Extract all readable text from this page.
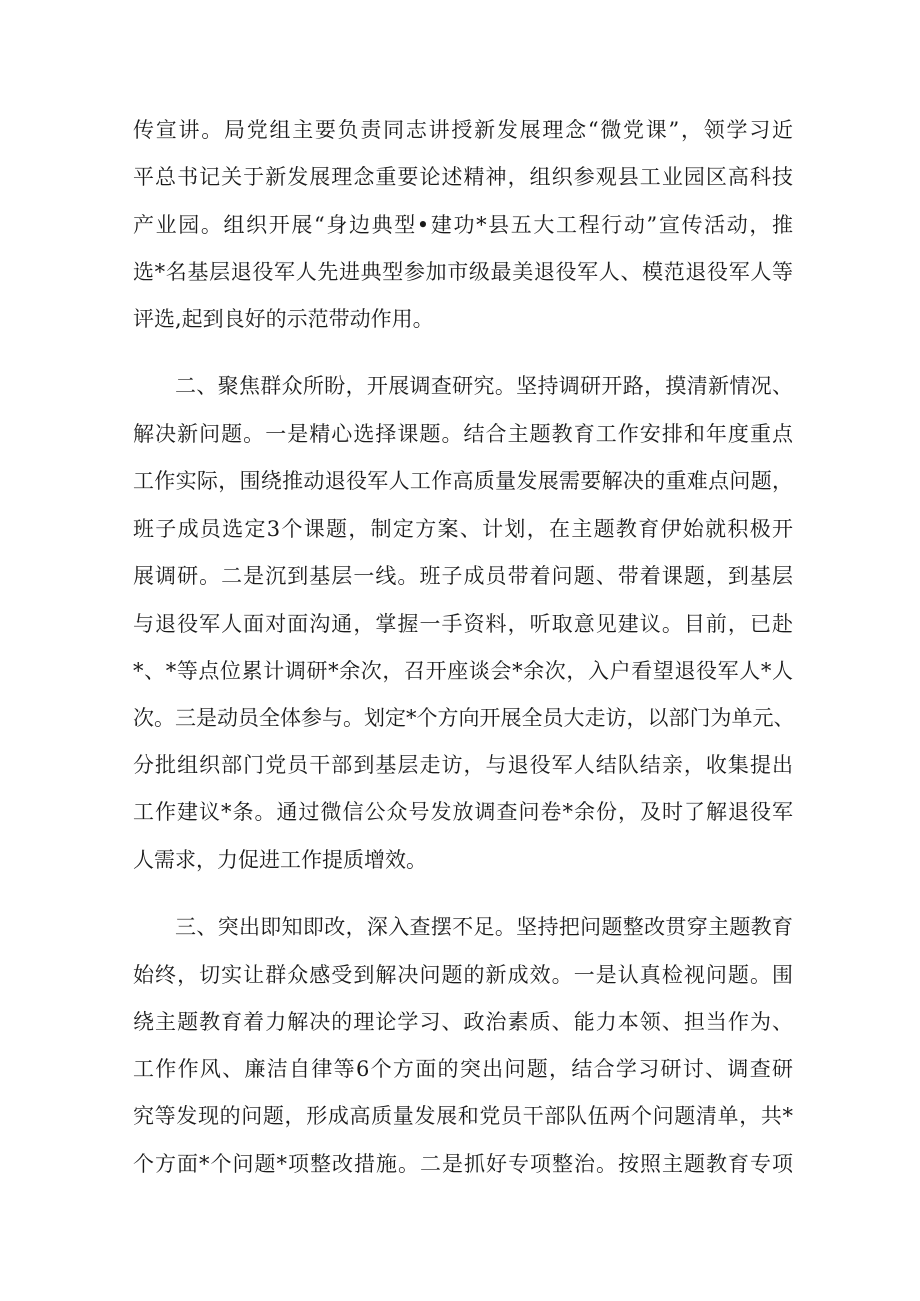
传宣讲。局党组主要负责同志讲授新发展理念“微党课”，领学习近
平总书记关于新发展理念重要论述精神，组织参观县工业园区高科技
产业园。组织开展“身边典型•建功*县五大工程行动”宣传活动，推
选*名基层退役军人先进典型参加市级最美退役军人、模范退役军人等
评选,起到良好的示范带动作用。
二、聚焦群众所盼，开展调查研究。坚持调研开路，摸清新情况、
解决新问题。一是精心选择课题。结合主题教育工作安排和年度重点
工作实际，围绕推动退役军人工作高质量发展需要解决的重难点问题，
班子成员选定3个课题，制定方案、计划，在主题教育伊始就积极开
展调研。二是沉到基层一线。班子成员带着问题、带着课题，到基层
与退役军人面对面沟通，掌握一手资料，听取意见建议。目前，已赴
*、*等点位累计调研*余次，召开座谈会*余次，入户看望退役军人*人
次。三是动员全体参与。划定*个方向开展全员大走访，以部门为单元、
分批组织部门党员干部到基层走访，与退役军人结队结亲，收集提出
工作建议*条。通过微信公众号发放调查问卷*余份，及时了解退役军
人需求，力促进工作提质增效。
三、突出即知即改，深入查摆不足。坚持把问题整改贯穿主题教育
始终，切实让群众感受到解决问题的新成效。一是认真检视问题。围
绕主题教育着力解决的理论学习、政治素质、能力本领、担当作为、
工作作风、廉洁自律等6个方面的突出问题，结合学习研讨、调查研
究等发现的问题，形成高质量发展和党员干部队伍两个问题清单，共*
个方面*个问题*项整改措施。二是抓好专项整治。按照主题教育专项
